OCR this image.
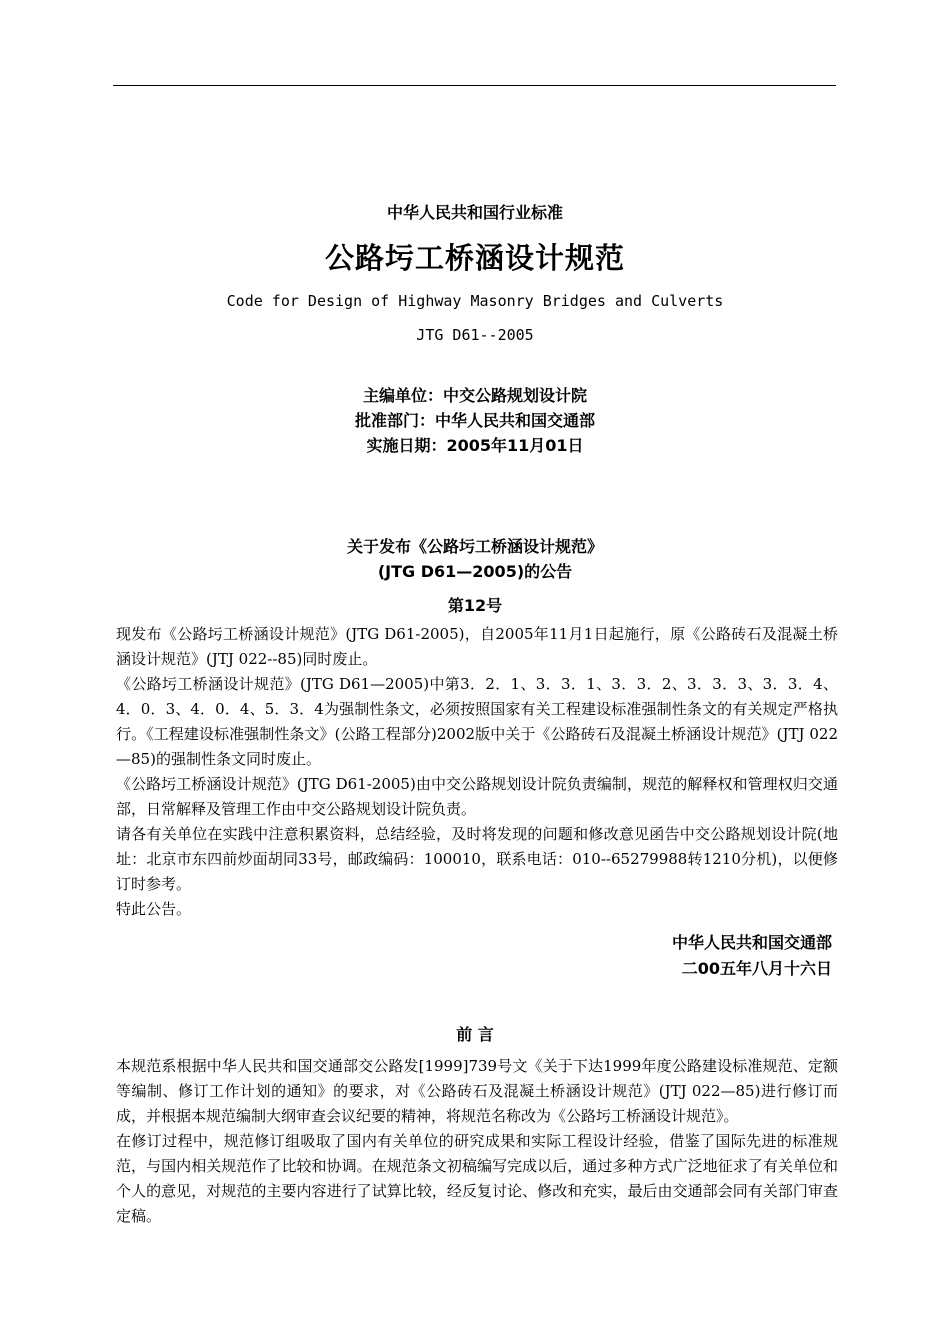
中华人民共和国行业标准
公路圬工桥涵设计规范
Code for Design of Highway Masonry Bridges and Culverts
JTG D61--2005
主编单位：中交公路规划设计院
批准部门：中华人民共和国交通部
实施日期：2005年11月01日
关于发布《公路圬工桥涵设计规范》
(JTG D61—2005)的公告
第12号

现发布《公路圬工桥涵设计规范》(JTG D61-2005)，自2005年11月1日起施行，原《公路砖石及混凝土桥涵设计规范》(JTJ 022--85)同时废止。

《公路圬工桥涵设计规范》(JTG D61—2005)中第3．2．1、3．3．1、3．3．2、3．3．3、3．3．4、4．0．3、4．0．4、5．3．4为强制性条文，必须按照国家有关工程建设标准强制性条文的有关规定严格执行。《工程建设标准强制性条文》(公路工程部分)2002版中关于《公路砖石及混凝土桥涵设计规范》(JTJ 022—85)的强制性条文同时废止。

《公路圬工桥涵设计规范》(JTG D61-2005)由中交公路规划设计院负责编制，规范的解释权和管理权归交通部，日常解释及管理工作由中交公路规划设计院负责。

请各有关单位在实践中注意积累资料，总结经验，及时将发现的问题和修改意见函告中交公路规划设计院(地址：北京市东四前炒面胡同33号，邮政编码：100010，联系电话：010--65279988转1210分机)，以便修订时参考。

特此公告。

中华人民共和国交通部
二00五年八月十六日
前 言

本规范系根据中华人民共和国交通部交公路发[1999]739号文《关于下达1999年度公路建设标准规范、定额等编制、修订工作计划的通知》的要求，对《公路砖石及混凝土桥涵设计规范》(JTJ 022—85)进行修订而成，并根据本规范编制大纲审查会议纪要的精神，将规范名称改为《公路圬工桥涵设计规范》。

在修订过程中，规范修订组吸取了国内有关单位的研究成果和实际工程设计经验，借鉴了国际先进的标准规范，与国内相关规范作了比较和协调。在规范条文初稿编写完成以后，通过多种方式广泛地征求了有关单位和个人的意见，对规范的主要内容进行了试算比较，经反复讨论、修改和充实，最后由交通部会同有关部门审查定稿。
